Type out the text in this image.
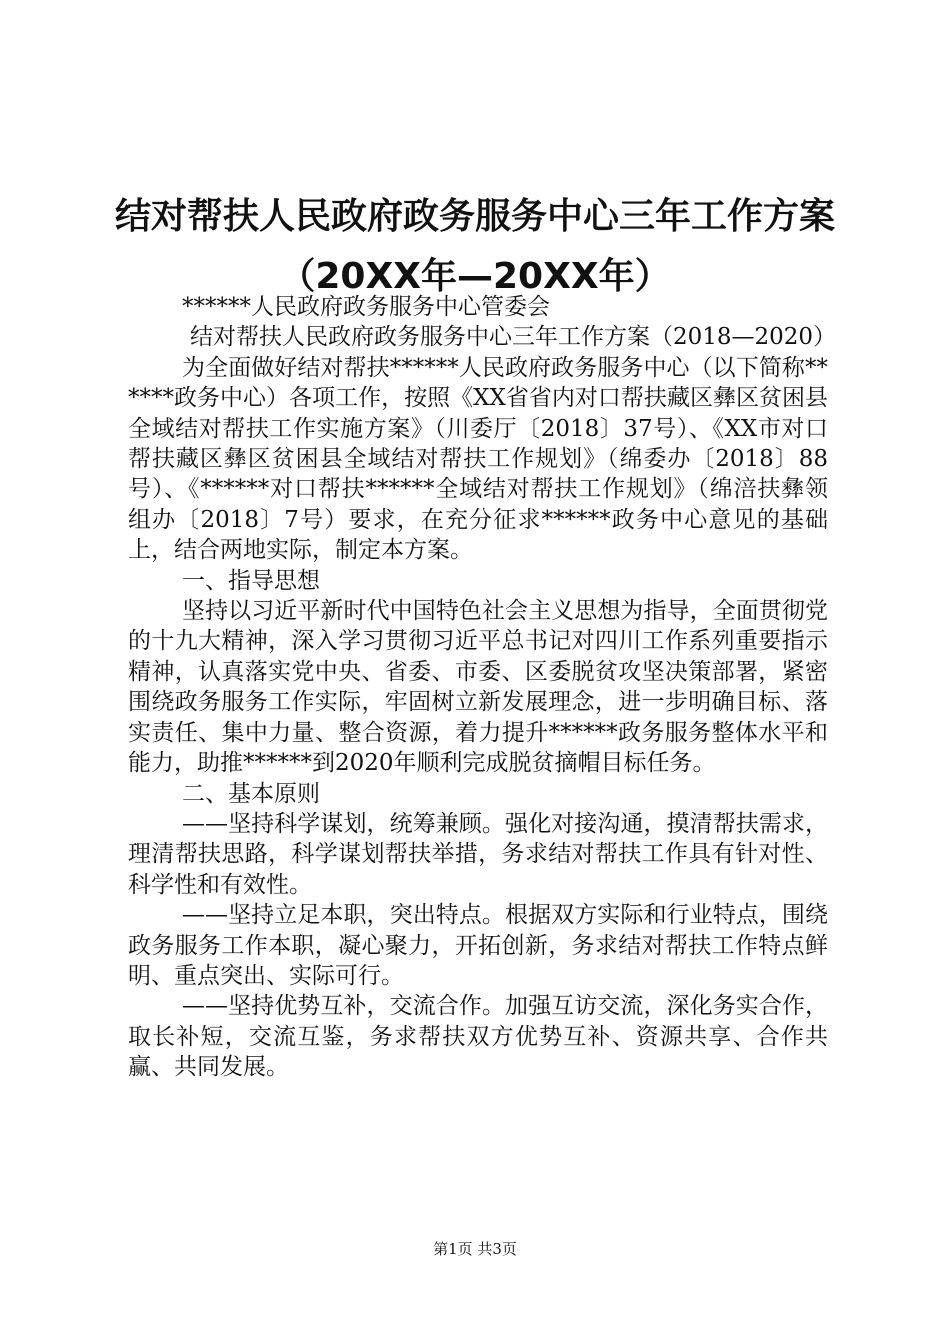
结对帮扶人民政府政务服务中心三年工作方案
（20XX年—20XX年）

******人民政府政务服务中心管委会

结对帮扶人民政府政务服务中心三年工作方案（2018—2020）

为全面做好结对帮扶******人民政府政务服务中心（以下简称******政务中心）各项工作，按照《XX省省内对口帮扶藏区彝区贫困县全域结对帮扶工作实施方案》（川委厅〔2018〕37号）、《XX市对口帮扶藏区彝区贫困县全域结对帮扶工作规划》（绵委办〔2018〕88号）、《******对口帮扶******全域结对帮扶工作规划》（绵涪扶彝领组办〔2018〕7号）要求，在充分征求******政务中心意见的基础上，结合两地实际，制定本方案。

一、指导思想

坚持以习近平新时代中国特色社会主义思想为指导，全面贯彻党的十九大精神，深入学习贯彻习近平总书记对四川工作系列重要指示精神，认真落实党中央、省委、市委、区委脱贫攻坚决策部署，紧密围绕政务服务工作实际，牢固树立新发展理念，进一步明确目标、落实责任、集中力量、整合资源，着力提升******政务服务整体水平和能力，助推******到2020年顺利完成脱贫摘帽目标任务。

二、基本原则

——坚持科学谋划，统筹兼顾。强化对接沟通，摸清帮扶需求，理清帮扶思路，科学谋划帮扶举措，务求结对帮扶工作具有针对性、科学性和有效性。

——坚持立足本职，突出特点。根据双方实际和行业特点，围绕政务服务工作本职，凝心聚力，开拓创新，务求结对帮扶工作特点鲜明、重点突出、实际可行。

——坚持优势互补，交流合作。加强互访交流，深化务实合作，取长补短，交流互鉴，务求帮扶双方优势互补、资源共享、合作共赢、共同发展。

第1页 共3页
